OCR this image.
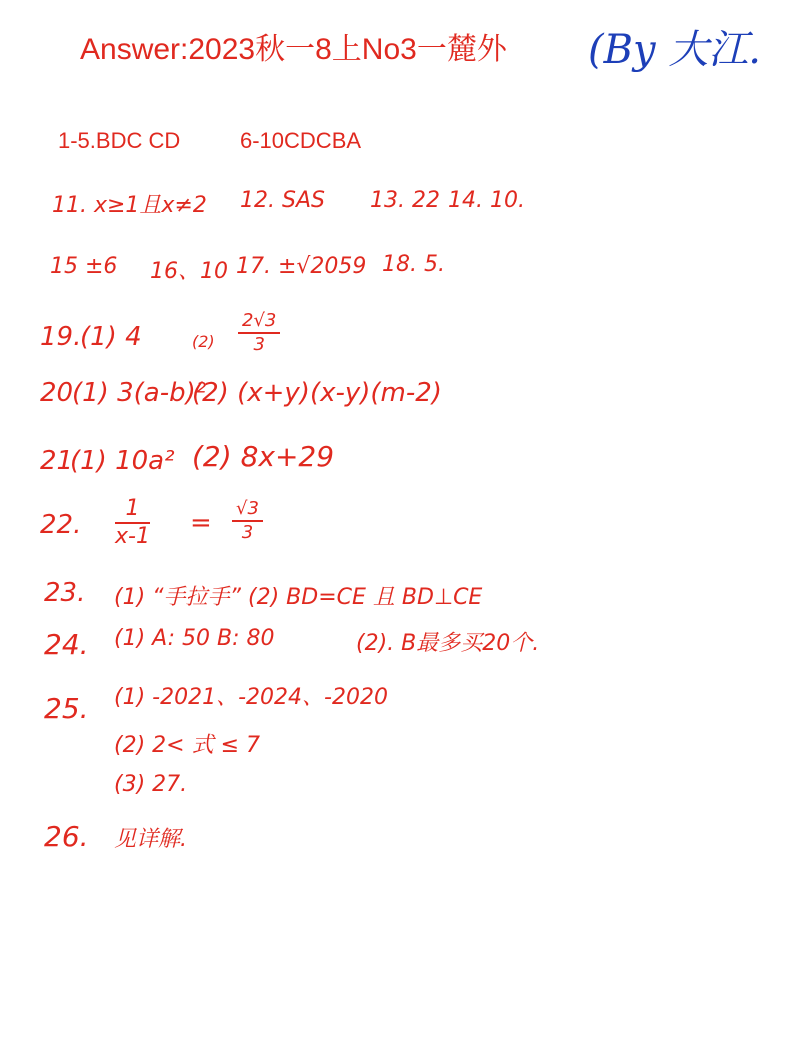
Answer:2023秋一8上No3一麓外 (By 大江.
1-5.BDC CD	6-10CDCBA
11. x≥1且x≠2 12. SAS 13. 22 14. 10.
15 ±6 16、10 17. ±√2059 18. 5.
19.
(1) 4	$(2) \frac{2√3}{3}$
20
(1) 3(a-b)²
(2) (x+y)(x-y)(m-2)
21
(1) 10a² (2) 8x+29
22. $\frac{1}{x-1} = \frac{√3}{3}$
23. (1) “手拉手” (2) BD=CE 且 BD⊥CE
24. (1) A: 50 B: 80	(2). B最多买20个.
25. (1) -2021、-2024、-2020
(2) 2< 式 ≤ 7
(3) 27.
26. 见详解.
